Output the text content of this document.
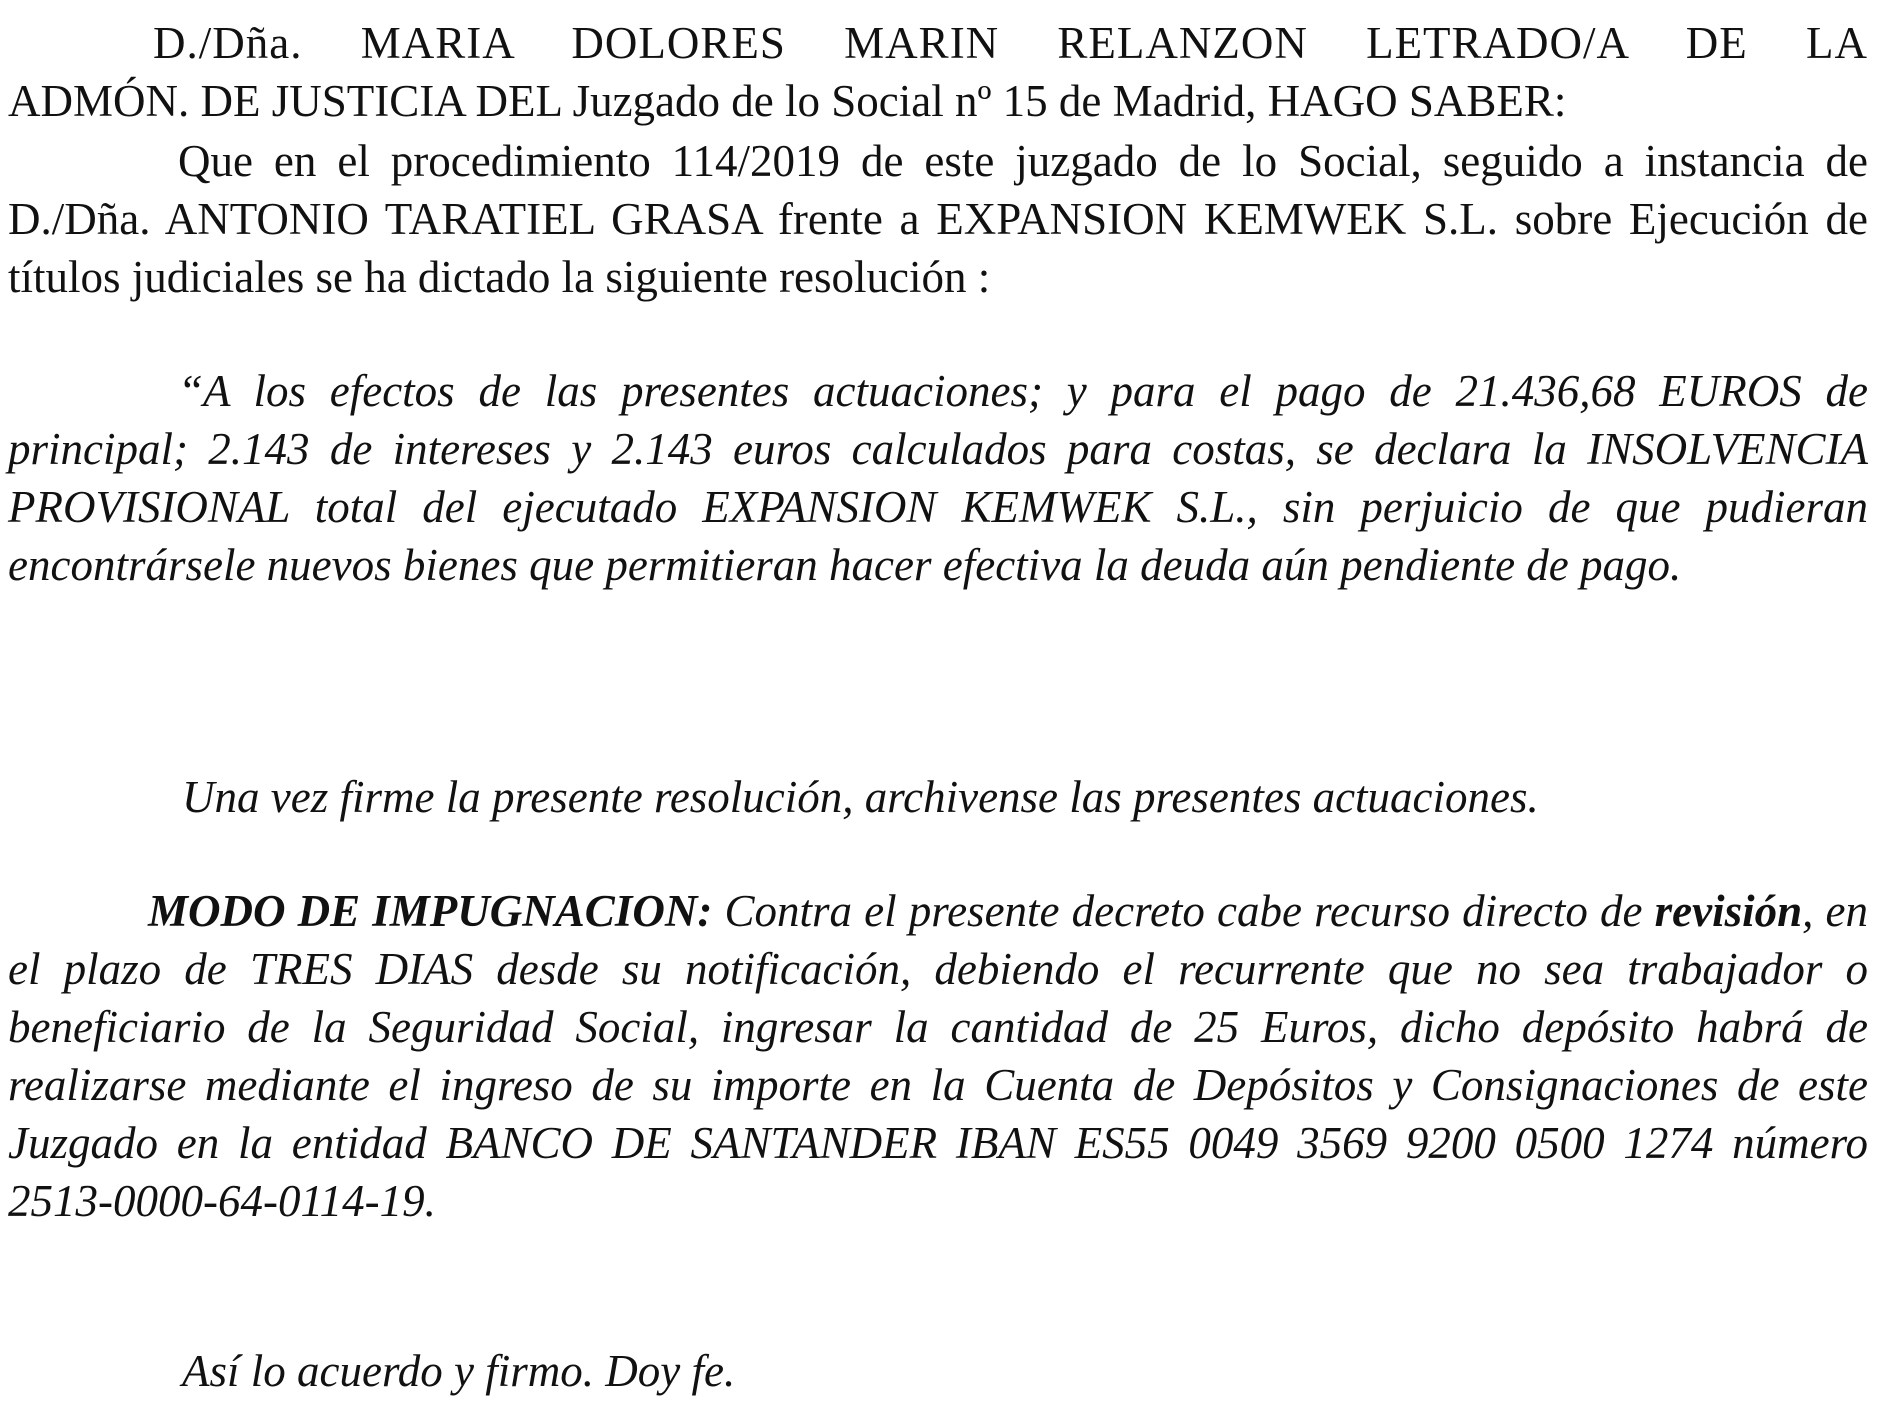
D./Dña. MARIA DOLORES MARIN RELANZON LETRADO/A DE LA
ADMÓN. DE JUSTICIA DEL Juzgado de lo Social nº 15 de Madrid, HAGO SABER:

Que en el procedimiento 114/2019 de este juzgado de lo Social, seguido a instancia de D./Dña. ANTONIO TARATIEL GRASA frente a EXPANSION KEMWEK S.L. sobre Ejecución de títulos judiciales se ha dictado la siguiente resolución :

“A los efectos de las presentes actuaciones; y para el pago de 21.436,68 EUROS de principal; 2.143 de intereses y 2.143 euros calculados para costas, se declara la INSOLVENCIA PROVISIONAL total del ejecutado EXPANSION KEMWEK S.L., sin perjuicio de que pudieran encontrársele nuevos bienes que permitieran hacer efectiva la deuda aún pendiente de pago.

Una vez firme la presente resolución, archivense las presentes actuaciones.

MODO DE IMPUGNACION: Contra el presente decreto cabe recurso directo de revisión, en el plazo de TRES DIAS desde su notificación, debiendo el recurrente que no sea trabajador o beneficiario de la Seguridad Social, ingresar la cantidad de 25 Euros, dicho depósito habrá de realizarse mediante el ingreso de su importe en la Cuenta de Depósitos y Consignaciones de este Juzgado en la entidad BANCO DE SANTANDER IBAN ES55 0049 3569 9200 0500 1274 número 2513-0000-64-0114-19.

Así lo acuerdo y firmo. Doy fe.
